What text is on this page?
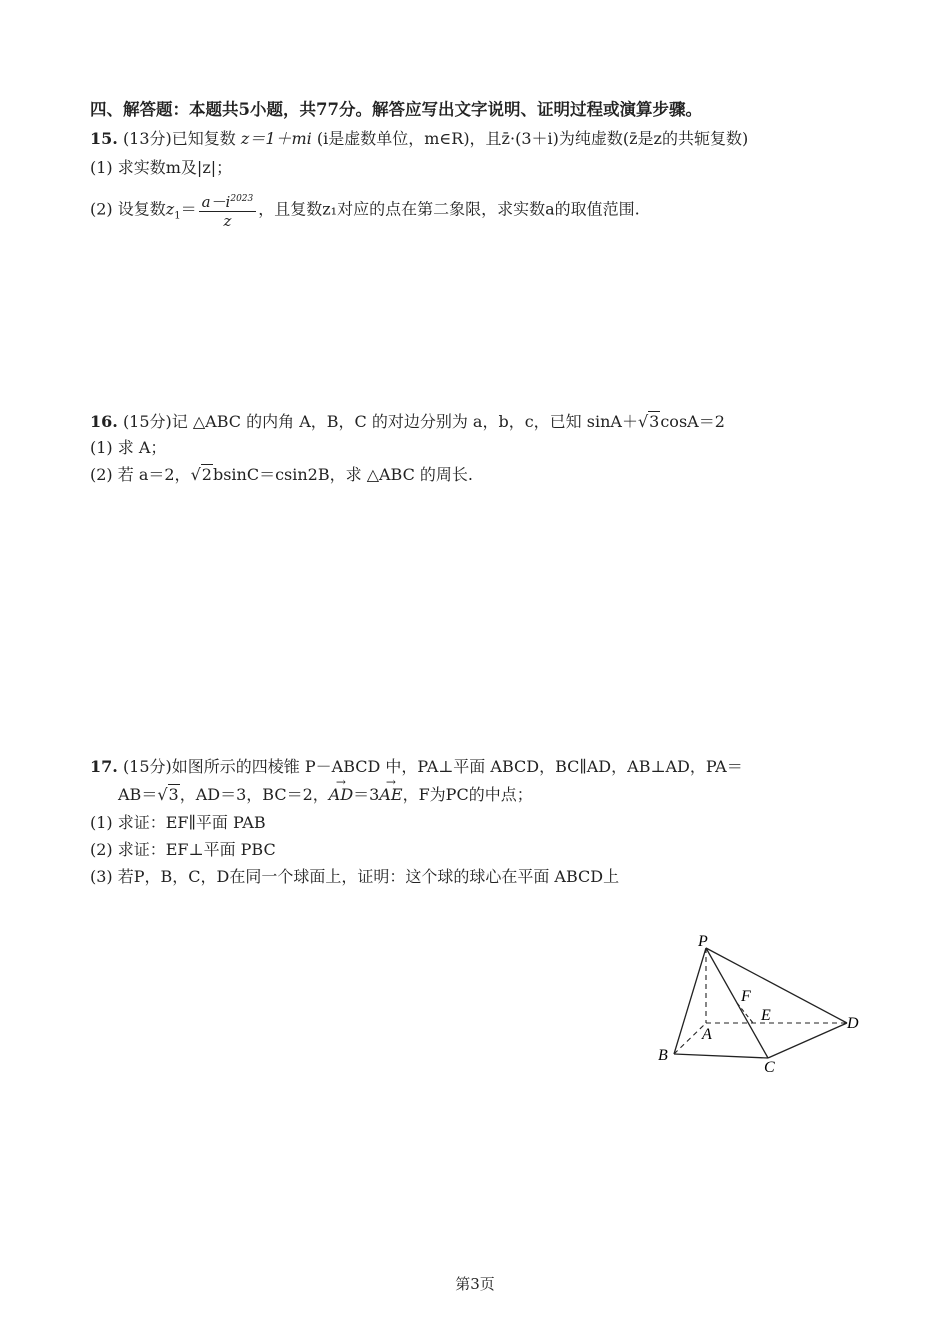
四、解答题：本题共5小题，共77分。解答应写出文字说明、证明过程或演算步骤。
15. (13分)已知复数 z＝1＋mi (i是虚数单位，m∈R)，且z̄·(3＋i)为纯虚数(z̄是z的共轭复数)
(1) 求实数m及|z|；
(2) 设复数$z_1= \frac{a-i^{2023}}{z}$ ，且复数z₁对应的点在第二象限，求实数a的取值范围.
16. (15分)记 △ABC 的内角 A，B，C 的对边分别为 a，b，c，已知 sinA＋√3cosA＝2
(1) 求 A；
(2) 若 a＝2，√2bsinC＝csin2B，求 △ABC 的周长.
17. (15分)如图所示的四棱锥 P－ABCD 中，PA⊥平面 ABCD，BC∥AD，AB⊥AD，PA＝
AB＝√3，AD＝3，BC＝2，→ AD＝3→ AE，F为PC的中点；
(1) 求证：EF∥平面 PAB
(2) 求证：EF⊥平面 PBC
(3) 若P，B，C，D在同一个球面上，证明：这个球的球心在平面 ABCD上
P
A
B
C
D
E
F
第3页
